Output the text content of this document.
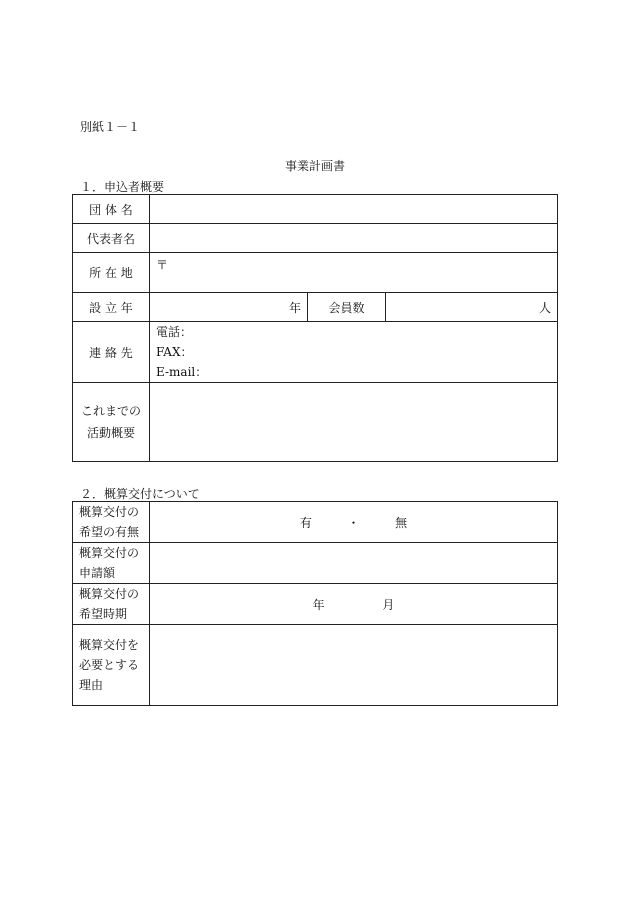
別紙１－１
事業計画書
１．申込者概要
団 体 名			
代表者名			
所 在 地	〒		
設 立 年	年	会員数	人
連 絡 先	電話：
FAX：
E-mail：		

これまでの
活動概要			

２．概算交付について
概算交付の
希望の有無	有 ・ 無

概算交付の
申請額	

概算交付の
希望時期	年 月

概算交付を
必要とする
理由	
